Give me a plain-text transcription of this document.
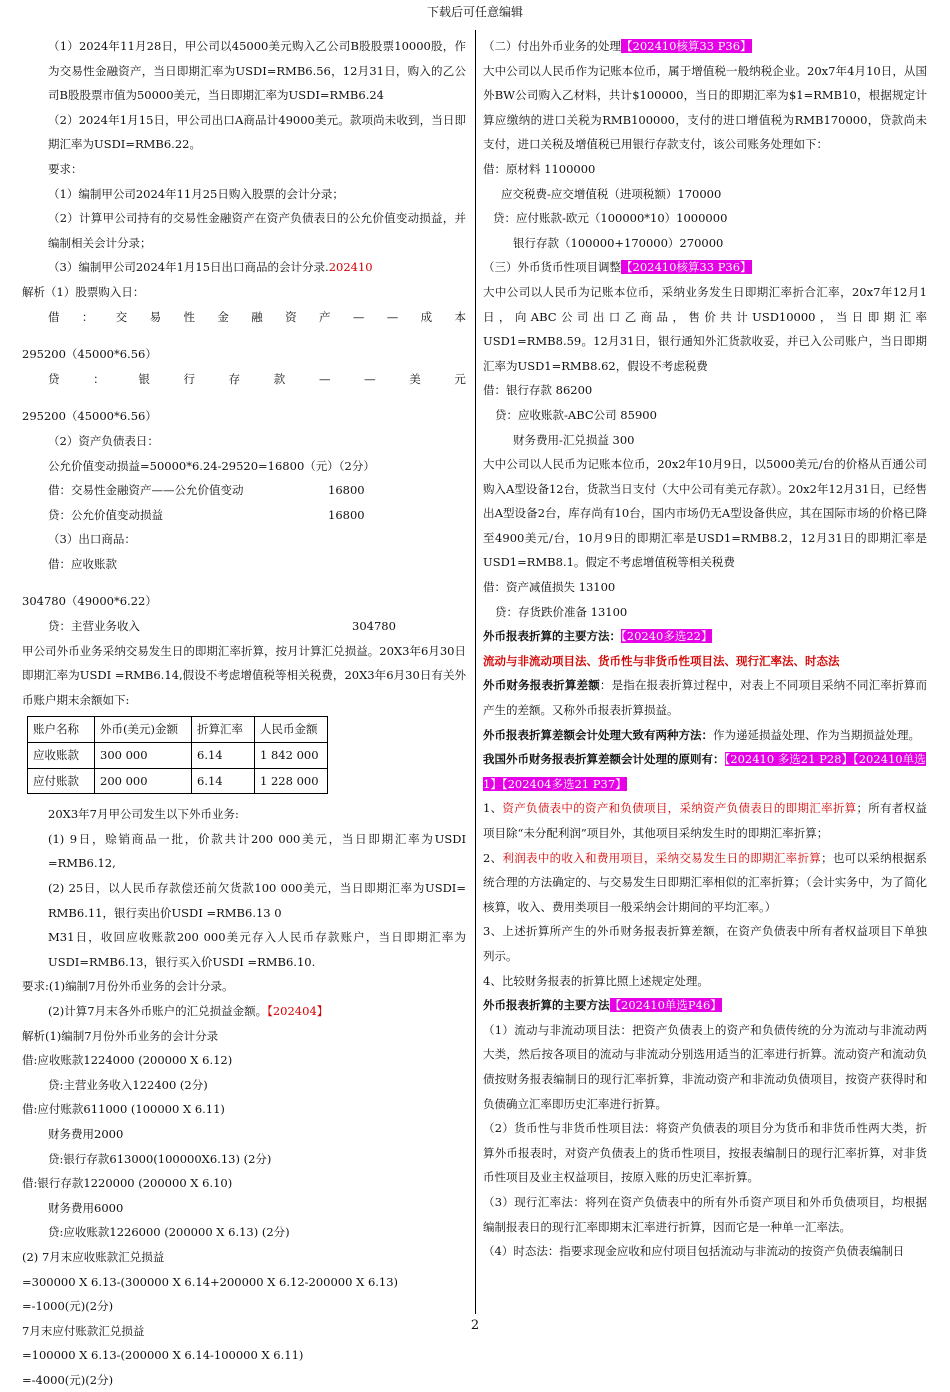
下载后可任意编辑

（1）2024年11月28日，甲公司以45000美元购入乙公司B股股票10000股，作为交易性金融资产，当日即期汇率为USDI=RMB6.56，12月31日，购入的乙公司B股股票市值为50000美元，当日即期汇率为USDI=RMB6.24

（2）2024年1月15日，甲公司出口A商品计49000美元。款项尚未收到，当日即期汇率为USDI=RMB6.22。

要求：

（1）编制甲公司2024年11月25日购入股票的会计分录；

（2）计算甲公司持有的交易性金融资产在资产负债表日的公允价值变动损益，并编制相关会计分录；

（3）编制甲公司2024年1月15日出口商品的会计分录.202410

解析（1）股票购入日：

借 ： 交 易 性 金 融 资 产 — — 成 本

295200（45000*6.56）

贷	：	银	行	存	款	—	—	美	元

295200（45000*6.56）

（2）资产负债表日：

公允价值变动损益=50000*6.24-29520=16800（元）（2分）

借：交易性金融资产——公允价值变动	16800
贷：公允价值变动损益	16800

（3）出口商品：

借：应收账款

304780（49000*6.22）

贷：主营业务收入	304780

甲公司外币业务采纳交易发生日的即期汇率折算，按月计算汇兑损益。20X3年6月30日即期汇率为USDI =RMB6.14,假设不考虑增值税等相关税费，20X3年6月30日有关外币账户期末余额如下:

账户名称	外币(美元)金额	折算汇率	人民币金额
应收账款	300 000	6.14	1 842 000
应付账款	200 000	6.14	1 228 000

20X3年7月甲公司发生以下外币业务:

(1) 9日，赊销商品一批，价款共计200 000美元，当日即期汇率为USDI =RMB6.12,

(2) 25日，以人民币存款偿还前欠货款100 000美元，当日即期汇率为USDI= RMB6.11，银行卖出价USDI =RMB6.13 0

M31日，收回应收账款200 000美元存入人民币存款账户，当日即期汇率为USDI=RMB6.13，银行买入价USDI =RMB6.10.

要求:(1)编制7月份外币业务的会计分录。

(2)计算7月末各外币账户的汇兑损益金额。【202404】

解析(1)编制7月份外币业务的会计分录

借:应收账款1224000 (200000 X 6.12)

贷:主营业务收入122400 (2分)

借:应付账款611000 (100000 X 6.11)

财务费用2000

贷:银行存款613000(100000X6.13) (2分)

借:银行存款1220000 (200000 X 6.10)

财务费用6000

贷:应收账款1226000 (200000 X 6.13) (2分)

(2) 7月末应收账款汇兑损益

=300000 X 6.13-(300000 X 6.14+200000 X 6.12-200000 X 6.13)

=-1000(元)(2分)

7月末应付账款汇兑损益

=100000 X 6.13-(200000 X 6.14-100000 X 6.11)

=-4000(元)(2分)

（二）付出外币业务的处理【202410核算33 P36】

大中公司以人民币作为记账本位币，属于增值税一般纳税企业。20x7年4月10日，从国外BW公司购入乙材料，共计$100000，当日的即期汇率为$1=RMB10，根据规定计算应缴纳的进口关税为RMB100000，支付的进口增值税为RMB170000，贷款尚未支付，进口关税及增值税已用银行存款支付，该公司账务处理如下：

借：原材料 1100000

应交税费-应交增值税（进项税额）170000

贷：应付账款-欧元（100000*10）1000000

银行存款（100000+170000）270000

（三）外币货币性项目调整【202410核算33 P36】

大中公司以人民币为记账本位币，采纳业务发生日即期汇率折合汇率，20x7年12月1日，向ABC公司出口乙商品，售价共计USD10000，当日即期汇率USD1=RMB8.59。12月31日，银行通知外汇货款收妥，并已入公司账户，当日即期汇率为USD1=RMB8.62，假设不考虑税费

借：银行存款 86200

贷：应收账款-ABC公司 85900

财务费用-汇兑损益 300

大中公司以人民币为记账本位币，20x2年10月9日，以5000美元/台的价格从百通公司购入A型设备12台，货款当日支付（大中公司有美元存款）。20x2年12月31日，已经售出A型设备2台，库存尚有10台，国内市场仍无A型设备供应，其在国际市场的价格已降至4900美元/台，10月9日的即期汇率是USD1=RMB8.2，12月31日的即期汇率是USD1=RMB8.1。假定不考虑增值税等相关税费

借：资产减值损失 13100

贷：存货跌价准备 13100

外币报表折算的主要方法：【20240多选22】

流动与非流动项目法、货币性与非货币性项目法、现行汇率法、时态法

外币财务报表折算差额：是指在报表折算过程中，对表上不同项目采纳不同汇率折算而产生的差额。又称外币报表折算损益。

外币报表折算差额会计处理大致有两种方法：作为递延损益处理、作为当期损益处理。

我国外币财务报表折算差额会计处理的原则有：【202410 多选21 P28】【202410单选1】【202404多选21 P37】

1、资产负债表中的资产和负债项目，采纳资产负债表日的即期汇率折算；所有者权益项目除“未分配利润”项目外，其他项目采纳发生时的即期汇率折算；

2、利润表中的收入和费用项目，采纳交易发生日的即期汇率折算；也可以采纳根据系统合理的方法确定的、与交易发生日即期汇率相似的汇率折算；（会计实务中，为了简化核算，收入、费用类项目一般采纳会计期间的平均汇率。）

3、上述折算所产生的外币财务报表折算差额，在资产负债表中所有者权益项目下单独列示。

4、比较财务报表的折算比照上述规定处理。

外币报表折算的主要方法【202410单选P46】

（1）流动与非流动项目法：把资产负债表上的资产和负债传统的分为流动与非流动两大类，然后按各项目的流动与非流动分别选用适当的汇率进行折算。流动资产和流动负债按财务报表编制日的现行汇率折算，非流动资产和非流动负债项目，按资产获得时和负债确立汇率即历史汇率进行折算。

（2）货币性与非货币性项目法：将资产负债表的项目分为货币和非货币性两大类，折算外币报表时，对资产负债表上的货币性项目，按报表编制日的现行汇率折算，对非货币性项目及业主权益项目，按原入账的历史汇率折算。

（3）现行汇率法：将列在资产负债表中的所有外币资产项目和外币负债项目，均根据编制报表日的现行汇率即期末汇率进行折算，因而它是一种单一汇率法。

（4）时态法：指要求现金应收和应付项目包括流动与非流动的按资产负债表编制日

2
